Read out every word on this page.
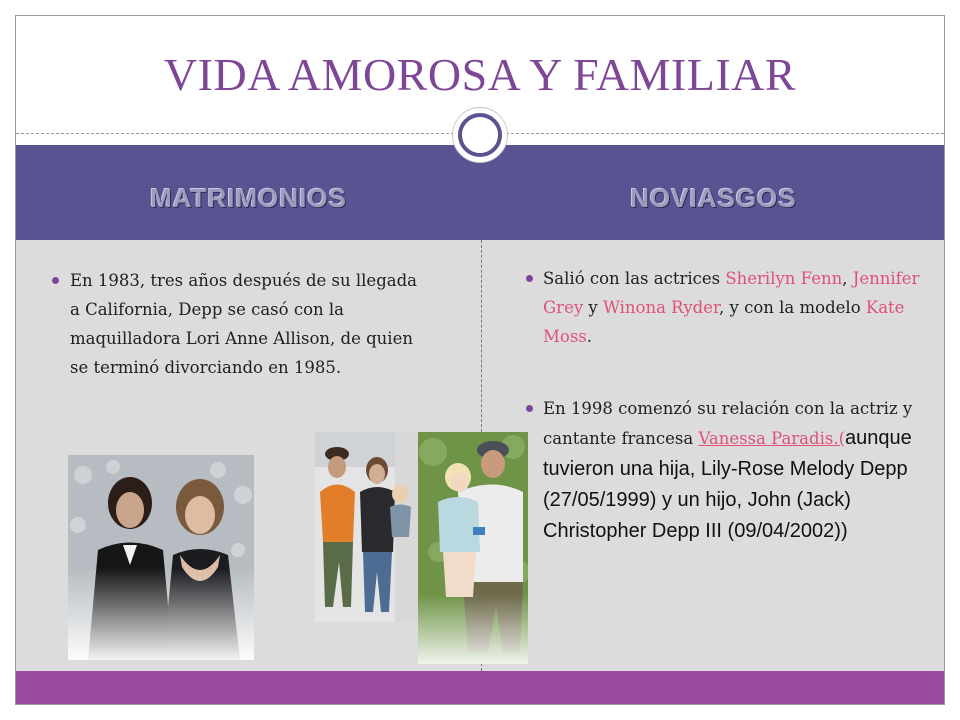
VIDA AMOROSA Y FAMILIAR
MATRIMONIOS	NOVIASGOS
En 1983, tres años después de su llegada a California, Depp se casó con la maquilladora Lori Anne Allison, de quien se terminó divorciando en 1985.
Salió con las actrices Sherilyn Fenn, Jennifer Grey y Winona Ryder, y con la modelo Kate Moss.
En 1998 comenzó su relación con la actriz y cantante francesa Vanessa Paradis.(aunque tuvieron una hija, Lily-Rose Melody Depp (27/05/1999) y un hijo, John (Jack) Christopher Depp III (09/04/2002))
